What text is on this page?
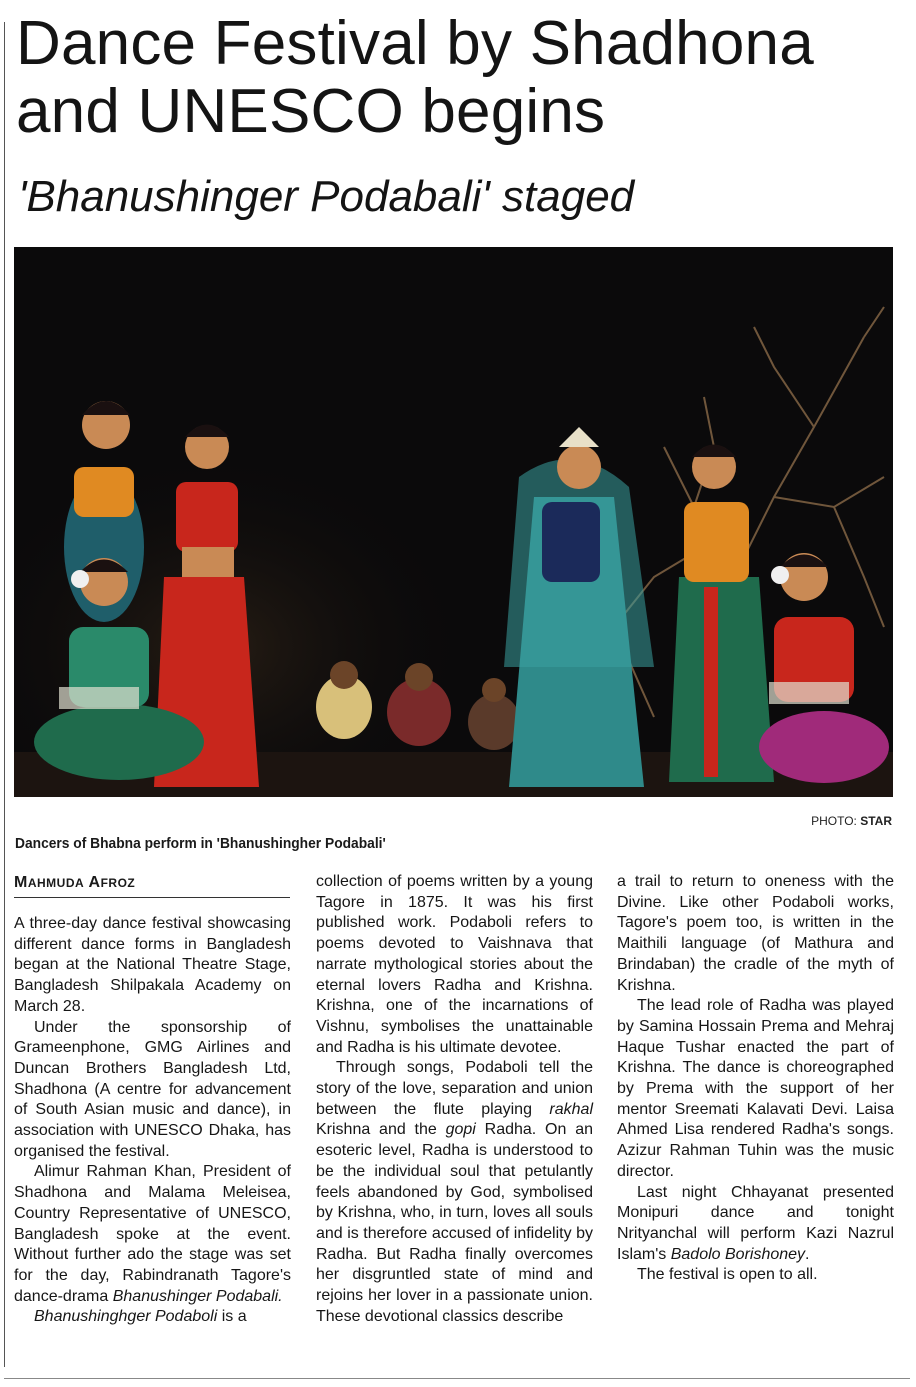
Dance Festival by Shadhona and UNESCO begins
'Bhanushinger Podabali' staged
PHOTO: STAR
Dancers of Bhabna perform in 'Bhanushingher Podabali'
MAHMUDA AFROZ

A three-day dance festival showcasing different dance forms in Bangladesh began at the National Theatre Stage, Bangladesh Shilpakala Academy on March 28.

Under the sponsorship of Grameenphone, GMG Airlines and Duncan Brothers Bangladesh Ltd, Shadhona (A centre for advancement of South Asian music and dance), in association with UNESCO Dhaka, has organised the festival.

Alimur Rahman Khan, President of Shadhona and Malama Meleisea, Country Representative of UNESCO, Bangladesh spoke at the event. Without further ado the stage was set for the day, Rabindranath Tagore's dance-drama Bhanushinger Podabali.

Bhanushinghger Podaboli is a

collection of poems written by a young Tagore in 1875. It was his first published work. Podaboli refers to poems devoted to Vaishnava that narrate mythological stories about the eternal lovers Radha and Krishna. Krishna, one of the incarnations of Vishnu, symbolises the unattainable and Radha is his ultimate devotee.

Through songs, Podaboli tell the story of the love, separation and union between the flute playing rakhal Krishna and the gopi Radha. On an esoteric level, Radha is understood to be the individual soul that petulantly feels abandoned by God, symbolised by Krishna, who, in turn, loves all souls and is therefore accused of infidelity by Radha. But Radha finally overcomes her disgruntled state of mind and rejoins her lover in a passionate union. These devotional classics describe

a trail to return to oneness with the Divine. Like other Podaboli works, Tagore's poem too, is written in the Maithili language (of Mathura and Brindaban) the cradle of the myth of Krishna.

The lead role of Radha was played by Samina Hossain Prema and Mehraj Haque Tushar enacted the part of Krishna. The dance is choreographed by Prema with the support of her mentor Sreemati Kalavati Devi. Laisa Ahmed Lisa rendered Radha's songs. Azizur Rahman Tuhin was the music director.

Last night Chhayanat presented Monipuri dance and tonight Nrityanchal will perform Kazi Nazrul Islam's Badolo Borishoney.

The festival is open to all.
